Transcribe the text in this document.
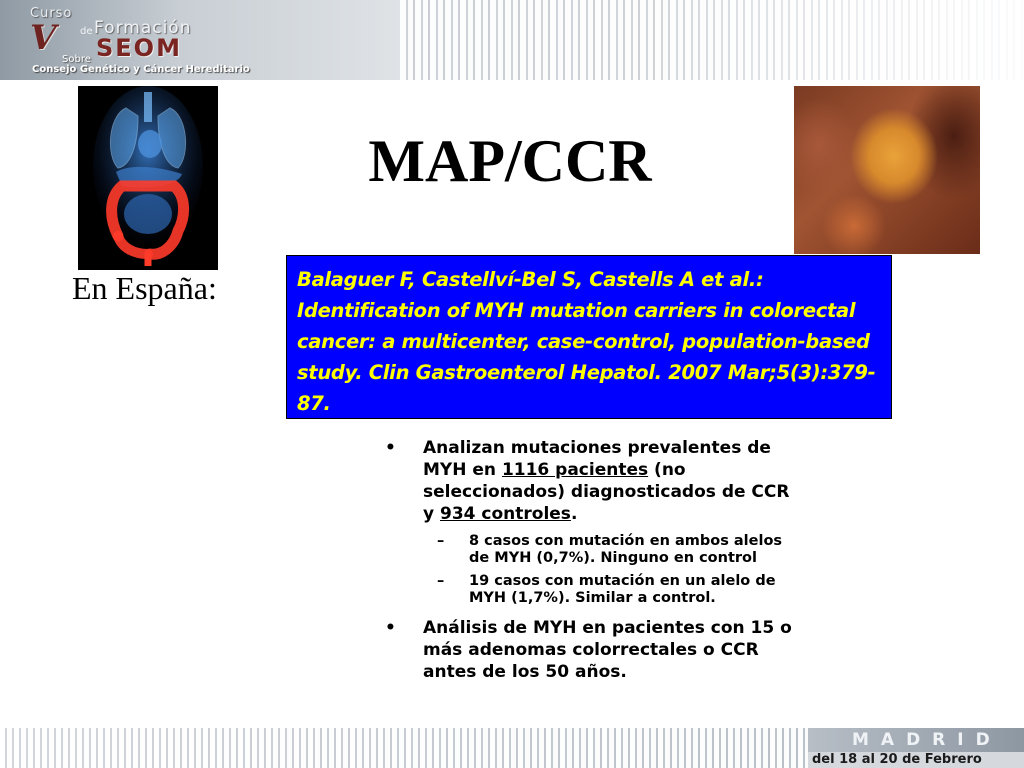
Curso
V de Formación
SEOM
Sobre
Consejo Genético y Cáncer Hereditario
MAP/CCR
En España:	Balaguer F, Castellví-Bel S, Castells A et al.: Identification of MYH mutation carriers in colorectal cancer: a multicenter, case-control, population-based study. Clin Gastroenterol Hepatol. 2007 Mar;5(3):379-87.
• Analizan mutaciones prevalentes de MYH en 1116 pacientes (no seleccionados) diagnosticados de CCR y 934 controles.
– 8 casos con mutación en ambos alelos de MYH (0,7%). Ninguno en control
– 19 casos con mutación en un alelo de MYH (1,7%). Similar a control.
• Análisis de MYH en pacientes con 15 o más adenomas colorrectales o CCR antes de los 50 años.
MADRID
del 18 al 20 de Febrero
